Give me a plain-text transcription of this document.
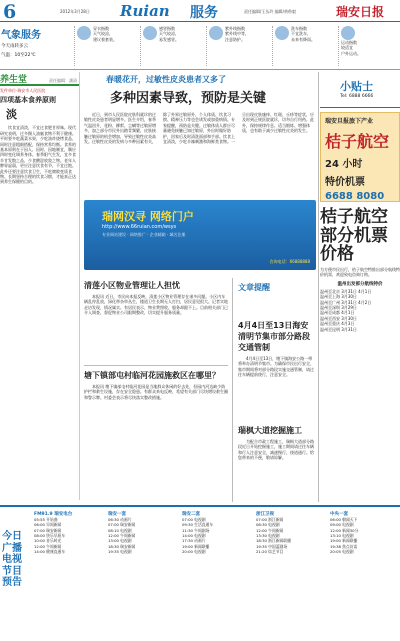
6	2012年3月28日 Ruian 服务	责任编辑/王丛玲 编辑/黄秒毅	瑞安日报
气象服务
今天雨转多云
气温：10至22℃
穿衣指数
天气较凉，
建议着套装。
感冒指数
天气较凉，
易发感冒。
紫外线指数
紫外线中等，
注意防护。
洗车指数
不宜洗车，
未来有降雨。
运动指数
较适宜
户外运动。
养生堂	责任编辑：潘清
发件单位·瑞安市人民医院
四项基本食养原则
淡
饮食宜清淡，不宜过食肥甘厚味。现代研究表明，过多摄入油腻食物不利于健康。平时要多吃蔬菜水果，少吃油炸烧烤食品，同时注意粗细搭配，保持营养均衡。食养的基本原则在于因人、因时、因地制宜，顺应四时变化调养身体。春季阳气生发，宜多食辛甘发散之品，少食酸涩收敛之物。老年人脾胃虚弱，更应注意饮食有节，不宜过饱。此外还要注意饮食卫生，不吃腐败变质食物。长期坚持合理的饮食习惯，才能真正达到养生保健的目的。
春暖花开，过敏性皮炎患者又多了
多种因素导致，预防是关键
近日，到市人民医院皮肤科就诊的过敏性皮炎患者明显增多。医生介绍，春季气温回升，花粉、柳絮、尘螨等过敏原增多，加之部分市民外出踏青频繁，皮肤接触过敏原的机会增加，导致过敏性皮炎高发。过敏性皮炎的发病与多种因素有关，除了外界过敏原外，个人体质、饮食习惯、精神压力等也会诱发或加重病情。专家提醒，预防是关键。过敏体质人群应尽量避免接触已知过敏原，外出时做好防护，回家后及时清洗面部和手部。饮食上宜清淡，少吃辛辣刺激和海鲜类食物。一旦出现皮肤瘙痒、红斑、丘疹等症状，应及时到正规医院就诊，切勿自行用药。此外，保持规律作息、适当锻炼、增强体质，也有助于减少过敏性皮炎的发生。
瑞网汉寻 网络门户
http://www.66ruian.com/wsys
专业网站建设 · 网络推广 · 企业邮箱 · 域名注册
咨询电话：66888888
清莲小区物业管理让人担忧
本报讯 近日，市民向本报反映，清莲小区物业管理存在诸多问题。小区内车辆乱停乱放，绿化带杂草丛生，楼道卫生长期无人打扫，居民意见很大。记者实地走访发现，情况属实。有居民表示，物业费照收，服务却跟不上。目前相关部门已介入调查，督促物业公司限期整改，切实提升服务质量。
塘下镇部屯村临河花园施救区在哪里？
本报讯 塘下镇部屯村临河花园是当地群众休闲的好去处，但园内河边缺少防护栏和救生设施，存在安全隐患。有群众来电反映，希望有关部门尽快增设救生圈和警示牌。村委会表示将尽快落实整改措施。
4月4日至13日海安清明节集市部分路段交通管制
4月4日至13日，塘下镇海安公路一带将举办清明节集市。为确保市民出行安全，集市期间将对部分路段实施交通管制，请过往车辆提前绕行，注意安全。
瑞枫大道挖掘施工
为配合市政工程施工，瑞枫大道部分路段近日开始挖掘施工，施工期间请过往车辆和行人注意安全，减速慢行，绕道通行。给您带来的不便，敬请谅解。
文章提醒
小贴士
Tel: 6888 6666
瑞安旦报旅下产业
桔子航空
24 小时
特价机票
6688 8080
桔子航空部分机票价格
为方便市民出行，桔子航空特推出部分航线特价机票，欢迎致电咨询订购。
温州出发部分航线特价
温州至北京 3月31日 4月1日
温州至上海 3月30日
温州至广州 3月31日 4月2日
温州至深圳 3月29日
温州至成都 4月1日
温州至西安 3月30日
温州至重庆 4月3日
温州至昆明 3月31日
今日广播电视节目预告
FM91.9 瑞安电台
05:55 开始曲
06:00 早间新闻
07:00 瑞安新闻
08:00 快乐早班车
10:00 音乐时光
12:00 午间新闻
14:00 健康直通车
瑞安一套
06:30 动画片
07:00 瑞安新闻
08:10 电视剧
12:00 午间新闻
13:00 电视剧
18:30 瑞安新闻
19:35 电视剧
瑞安二套
07:00 电视剧
09:30 生活直通车
11:30 午间剧场
14:00 电视剧
17:30 动画片
19:00 新闻联播
20:00 电视剧
浙江卫视
07:00 浙江新闻
08:30 电视剧
12:00 午间新闻
13:30 电视剧
18:30 浙江新闻联播
19:35 中国蓝剧场
21:20 综艺节目
中央一套
06:00 朝闻天下
09:00 电视剧
12:00 新闻30分
13:10 电视剧
19:00 新闻联播
19:38 焦点访谈
20:05 电视剧
